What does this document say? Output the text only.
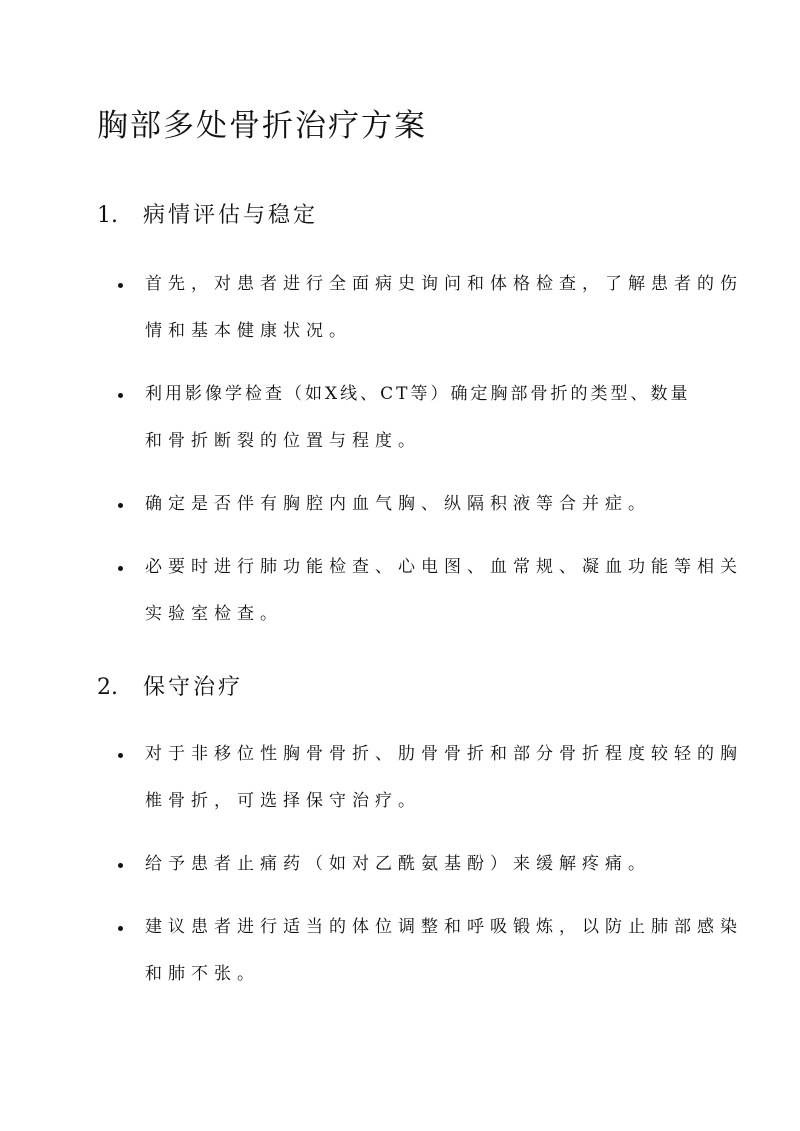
胸部多处骨折治疗方案
1. 病情评估与稳定
首先，对患者进行全面病史询问和体格检查，了解患者的伤
情和基本健康状况。
利用影像学检查（如X线、CT等）确定胸部骨折的类型、数量
和骨折断裂的位置与程度。
确定是否伴有胸腔内血气胸、纵隔积液等合并症。
必要时进行肺功能检查、心电图、血常规、凝血功能等相关
实验室检查。
2. 保守治疗
对于非移位性胸骨骨折、肋骨骨折和部分骨折程度较轻的胸
椎骨折，可选择保守治疗。
给予患者止痛药（如对乙酰氨基酚）来缓解疼痛。
建议患者进行适当的体位调整和呼吸锻炼，以防止肺部感染
和肺不张。
